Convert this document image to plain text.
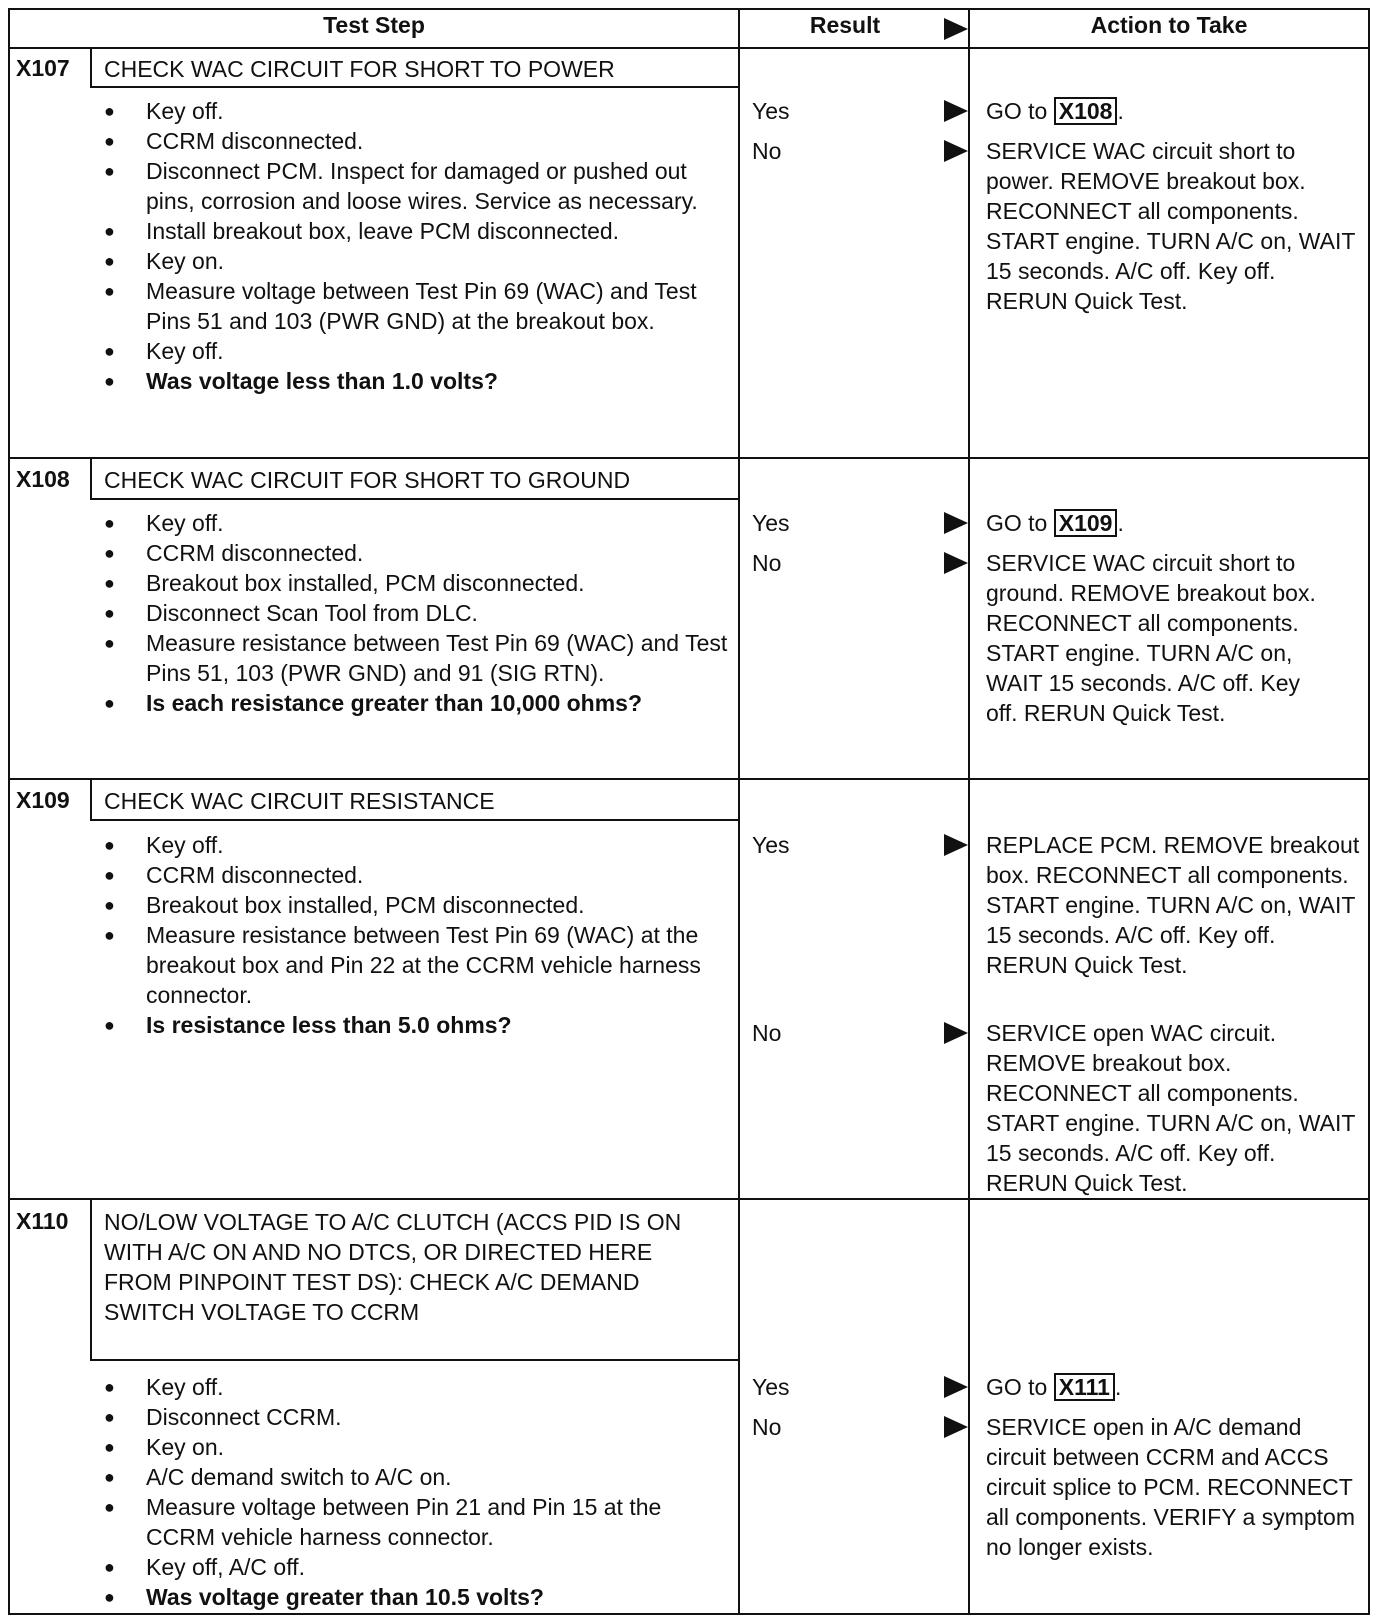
Test Step	Result	Action to Take
X107 CHECK WAC CIRCUIT FOR SHORT TO POWER
● Key off.
● CCRM disconnected.
● Disconnect PCM. Inspect for damaged or pushed out pins, corrosion and loose wires. Service as necessary.
● Install breakout box, leave PCM disconnected.
● Key on.
● Measure voltage between Test Pin 69 (WAC) and Test Pins 51 and 103 (PWR GND) at the breakout box.
● Key off.
● Was voltage less than 1.0 volts?
Yes	GO to X108 .
No	SERVICE WAC circuit short to power. REMOVE breakout box. RECONNECT all components. START engine. TURN A/C on, WAIT 15 seconds. A/C off. Key off. RERUN Quick Test.
X108 CHECK WAC CIRCUIT FOR SHORT TO GROUND
● Key off.
● CCRM disconnected.
● Breakout box installed, PCM disconnected.
● Disconnect Scan Tool from DLC.
● Measure resistance between Test Pin 69 (WAC) and Test Pins 51, 103 (PWR GND) and 91 (SIG RTN).
● Is each resistance greater than 10,000 ohms?
Yes	GO to X109 .
No	SERVICE WAC circuit short to ground. REMOVE breakout box. RECONNECT all components. START engine. TURN A/C on, WAIT 15 seconds. A/C off. Key off. RERUN Quick Test.
X109 CHECK WAC CIRCUIT RESISTANCE
● Key off.
● CCRM disconnected.
● Breakout box installed, PCM disconnected.
● Measure resistance between Test Pin 69 (WAC) at the breakout box and Pin 22 at the CCRM vehicle harness connector.
● Is resistance less than 5.0 ohms?
Yes	REPLACE PCM. REMOVE breakout box. RECONNECT all components. START engine. TURN A/C on, WAIT 15 seconds. A/C off. Key off. RERUN Quick Test.
No	SERVICE open WAC circuit. REMOVE breakout box. RECONNECT all components. START engine. TURN A/C on, WAIT 15 seconds. A/C off. Key off. RERUN Quick Test.
X110 NO/LOW VOLTAGE TO A/C CLUTCH (ACCS PID IS ON WITH A/C ON AND NO DTCS, OR DIRECTED HERE FROM PINPOINT TEST DS): CHECK A/C DEMAND SWITCH VOLTAGE TO CCRM
● Key off.
● Disconnect CCRM.
● Key on.
● A/C demand switch to A/C on.
● Measure voltage between Pin 21 and Pin 15 at the CCRM vehicle harness connector.
● Key off, A/C off.
● Was voltage greater than 10.5 volts?
Yes	GO to X111 .
No	SERVICE open in A/C demand circuit between CCRM and ACCS circuit splice to PCM. RECONNECT all components. VERIFY a symptom no longer exists.
